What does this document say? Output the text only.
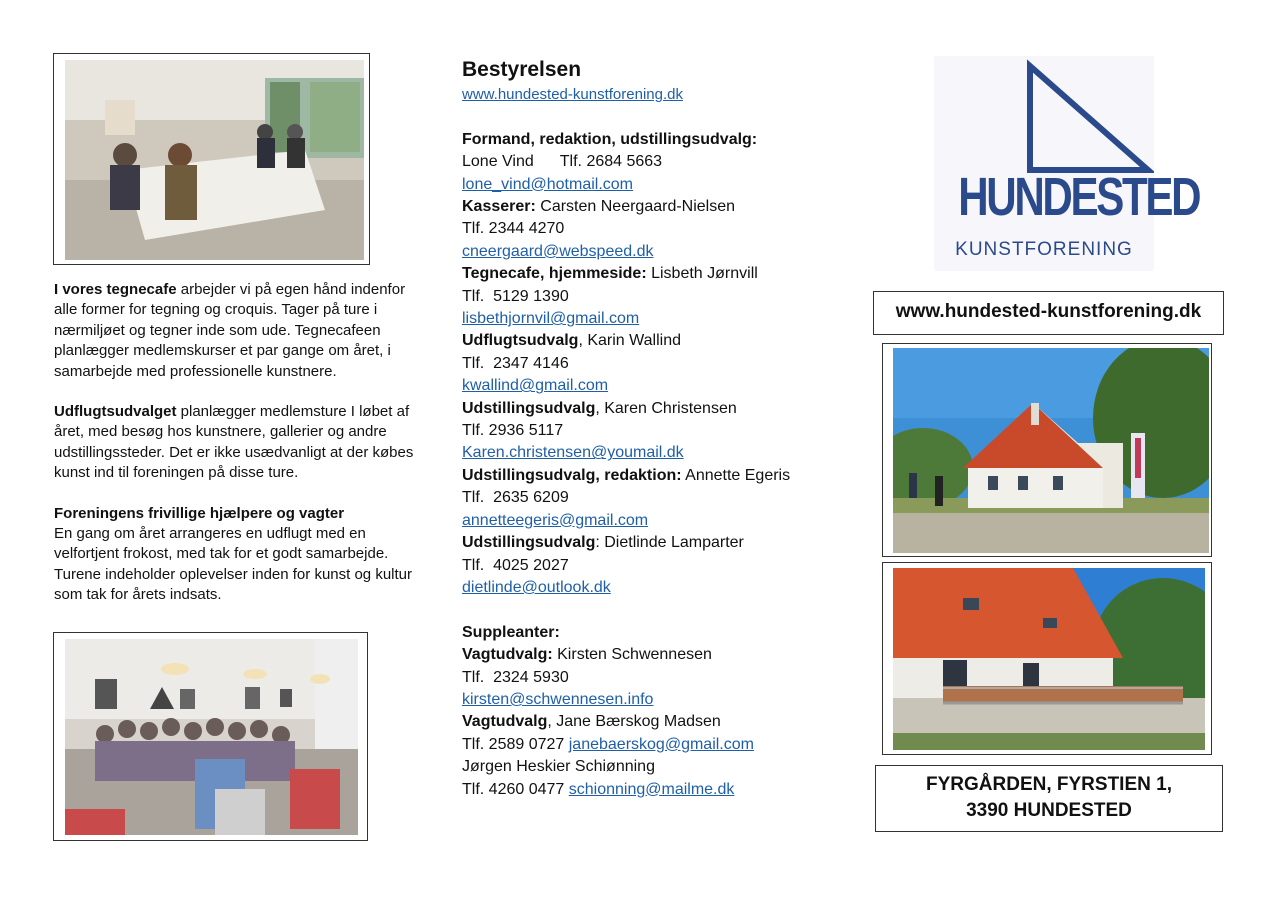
I vores tegnecafe arbejder vi på egen hånd indenfor alle former for tegning og croquis. Tager på ture i nærmiljøet og tegner inde som ude. Tegnecafeen planlægger medlemskurser et par gange om året, i samarbejde med professionelle kunstnere.

Udflugtsudvalget planlægger medlemsture I løbet af året, med besøg hos kunstnere, gallerier og andre udstillingssteder. Det er ikke usædvanligt at der købes kunst ind til foreningen på disse ture.

Foreningens frivillige hjælpere og vagter
En gang om året arrangeres en udflugt med en velfortjent frokost, med tak for et godt samarbejde. Turene indeholder oplevelser inden for kunst og kultur som tak for årets indsats.

Bestyrelsen
www.hundested-kunstforening.dk
Formand, redaktion, udstillingsudvalg:
Lone Vind Tlf. 2684 5663
lone_vind@hotmail.com
Kasserer: Carsten Neergaard-Nielsen
Tlf. 2344 4270
cneergaard@webspeed.dk
Tegnecafe, hjemmeside: Lisbeth Jørnvill
Tlf.  5129 1390
lisbethjornvil@gmail.com
Udflugtsudvalg, Karin Wallind
Tlf.  2347 4146
kwallind@gmail.com
Udstillingsudvalg, Karen Christensen
Tlf. 2936 5117
Karen.christensen@youmail.dk
Udstillingsudvalg, redaktion: Annette Egeris
Tlf.  2635 6209
annetteegeris@gmail.com
Udstillingsudvalg: Dietlinde Lamparter
Tlf.  4025 2027
dietlinde@outlook.dk
Suppleanter:
Vagtudvalg: Kirsten Schwennesen
Tlf.  2324 5930
kirsten@schwennesen.info
Vagtudvalg, Jane Bærskog Madsen
Tlf. 2589 0727 janebaerskog@gmail.com
Jørgen Heskier Schiønning
Tlf. 4260 0477 schionning@mailme.dk
HUNDESTED
KUNSTFORENING
www.hundested-kunstforening.dk
FYRGÅRDEN, FYRSTIEN 1,
3390 HUNDESTED
